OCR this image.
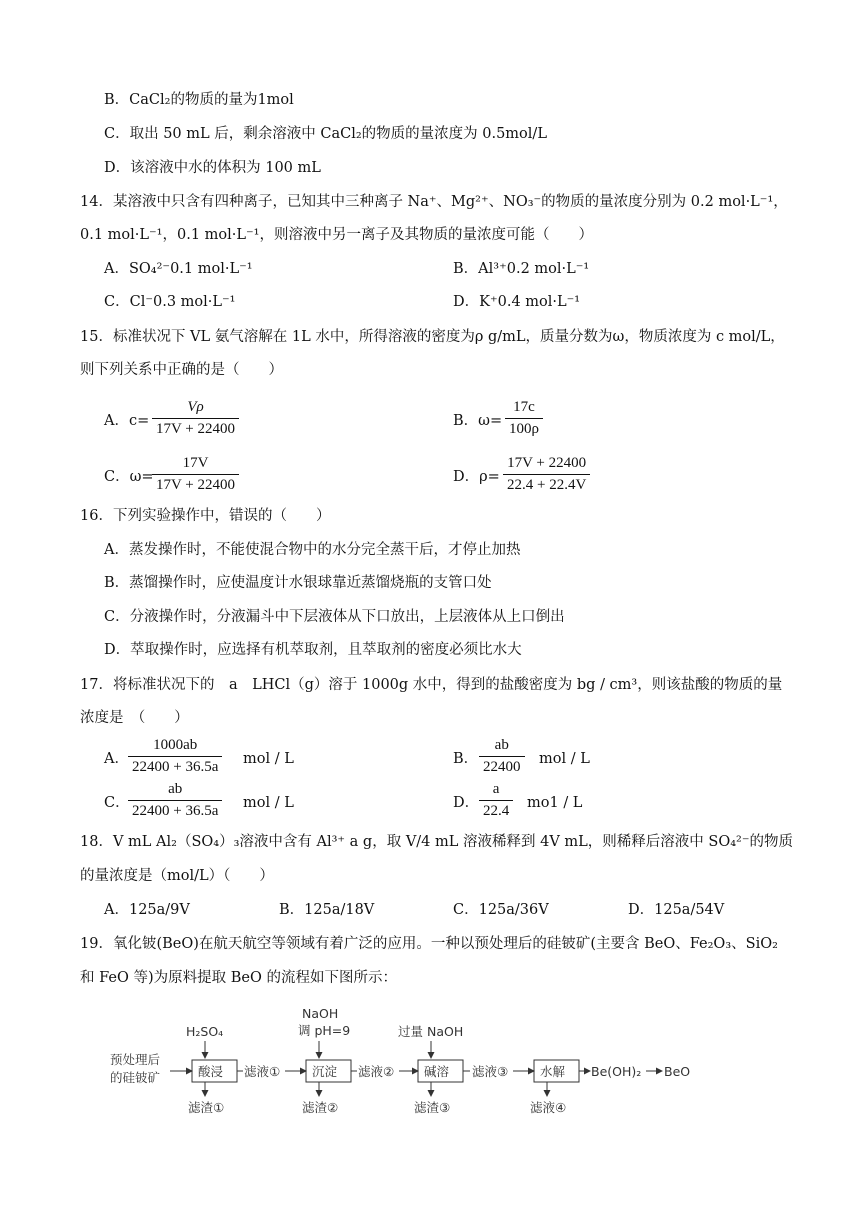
B．CaCl₂的物质的量为1mol
C．取出 50 mL 后，剩余溶液中 CaCl₂的物质的量浓度为 0.5mol/L
D．该溶液中水的体积为 100 mL
14．某溶液中只含有四种离子，已知其中三种离子 Na⁺、Mg²⁺、NO₃⁻的物质的量浓度分别为 0.2 mol·L⁻¹，
0.1 mol·L⁻¹，0.1 mol·L⁻¹，则溶液中另一离子及其物质的量浓度可能（　　）
A．SO₄²⁻0.1 mol·L⁻¹	B．Al³⁺0.2 mol·L⁻¹
C．Cl⁻0.3 mol·L⁻¹	D．K⁺0.4 mol·L⁻¹
15．标准状况下 VL 氨气溶解在 1L 水中，所得溶液的密度为ρ g/mL，质量分数为ω，物质浓度为 c mol/L，
则下列关系中正确的是（　　）
A．$c= \frac{V\rho}{17V + 22400}$	B．$\omega= \frac{17c}{100\rho}$
C．ω=
$\frac{17V}{17V + 22400}$	D．$\rho= \frac{17V + 22400}{22.4 + 22.4V}$
16．下列实验操作中，错误的（　　）
A．蒸发操作时，不能使混合物中的水分完全蒸干后，才停止加热
B．蒸馏操作时，应使温度计水银球靠近蒸馏烧瓶的支管口处
C．分液操作时，分液漏斗中下层液体从下口放出，上层液体从上口倒出
D．萃取操作时，应选择有机萃取剂，且萃取剂的密度必须比水大
17．将标准状况下的　a　LHCl（g）溶于 1000g 水中，得到的盐酸密度为 bg / cm³，则该盐酸的物质的量
浓度是　（　　）
A． $\frac{1000ab}{22400 + 36.5a}$ mol / L	B． $\frac{ab}{22400}$ mol / L
C．
$\frac{ab}{22400 + 36.5a}$ mol / L	D． $\frac{a}{22.4} mo1$ / L
18．V mL Al₂（SO₄）₃溶液中含有 Al³⁺ a g，取 V/4 mL 溶液稀释到 4V mL，则稀释后溶液中 SO₄²⁻的物质
的量浓度是（mol/L）（　　）
A．125a/9V	B．125a/18V	C．125a/36V	D．125a/54V
19．氧化铍(BeO)在航天航空等领域有着广泛的应用。一种以预处理后的硅铍矿(主要含 BeO、Fe₂O₃、SiO₂
和 FeO 等)为原料提取 BeO 的流程如下图所示：
预处理后
的硅铍矿
H₂SO₄
酸浸
滤渣①
滤液①
NaOH
调 pH=9
沉淀
滤渣②
滤液②
过量 NaOH
碱溶
滤渣③
滤液③	水解
滤液④
Be(OH)₂ BeO
